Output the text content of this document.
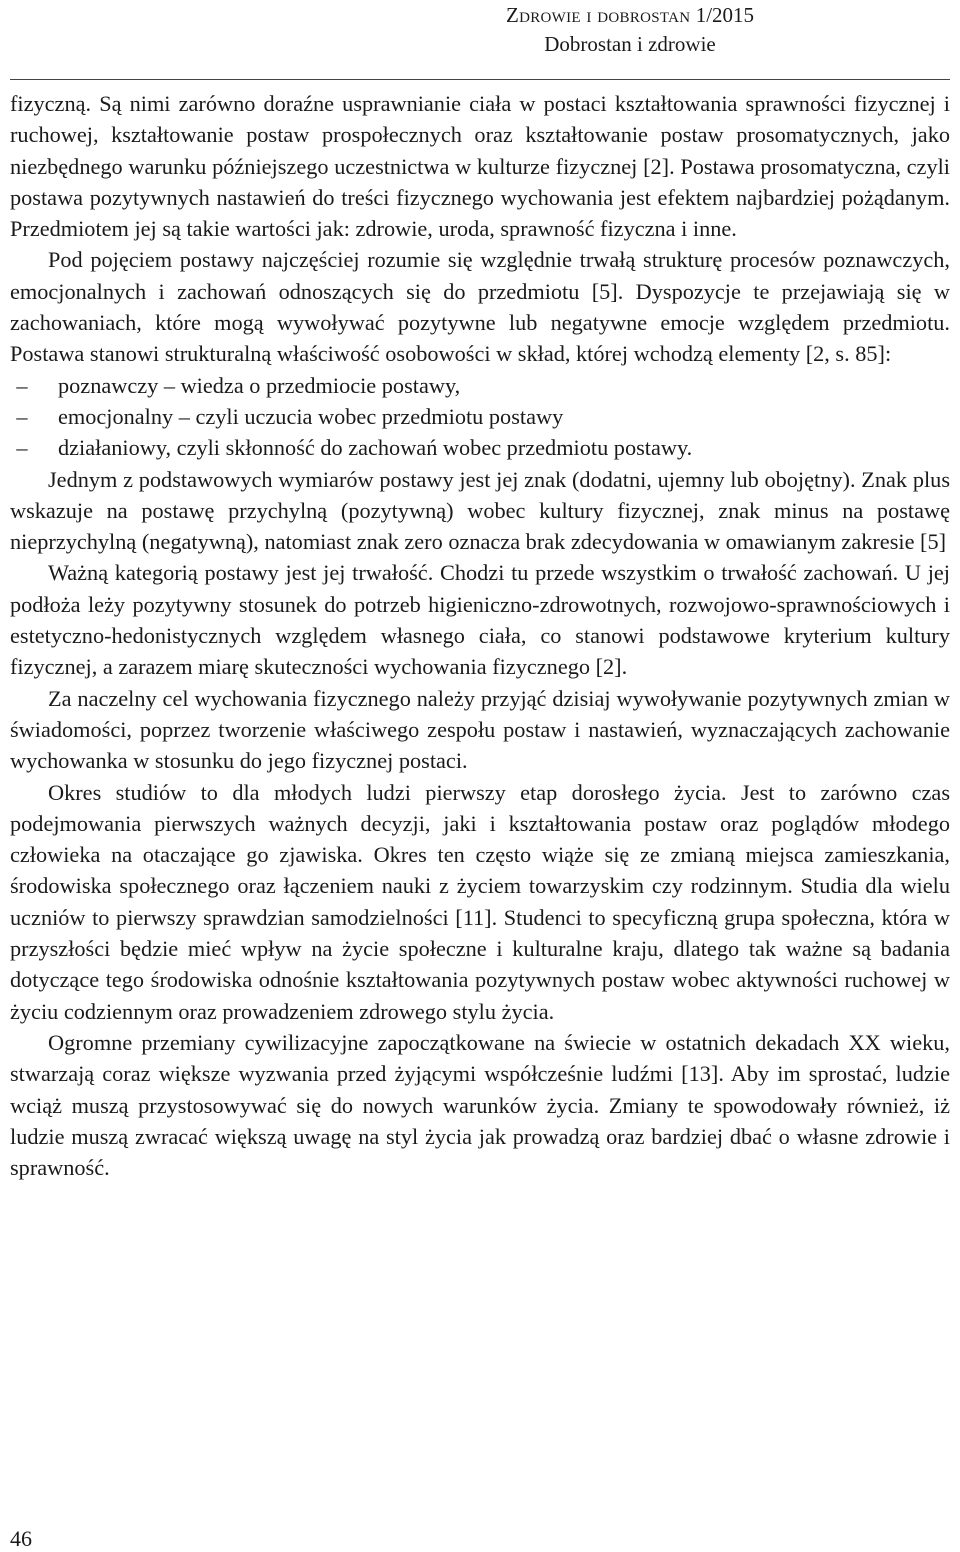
Zdrowie i dobrostan 1/2015
Dobrostan i zdrowie

fizyczną. Są nimi zarówno doraźne usprawnianie ciała w postaci kształtowania sprawności fizycznej i ruchowej, kształtowanie postaw prospołecznych oraz kształtowanie postaw prosomatycznych, jako niezbędnego warunku późniejszego uczestnictwa w kulturze fizycznej [2]. Postawa prosomatyczna, czyli postawa pozytywnych nastawień do treści fizycznego wychowania jest efektem najbardziej pożądanym. Przedmiotem jej są takie wartości jak: zdrowie, uroda, sprawność fizyczna i inne.

Pod pojęciem postawy najczęściej rozumie się względnie trwałą strukturę procesów poznawczych, emocjonalnych i zachowań odnoszących się do przedmiotu [5]. Dyspozycje te przejawiają się w zachowaniach, które mogą wywoływać pozytywne lub negatywne emocje względem przedmiotu. Postawa stanowi strukturalną właściwość osobowości w skład, której wchodzą elementy [2, s. 85]:

– poznawczy – wiedza o przedmiocie postawy,
– emocjonalny – czyli uczucia wobec przedmiotu postawy
– działaniowy, czyli skłonność do zachowań wobec przedmiotu postawy.

Jednym z podstawowych wymiarów postawy jest jej znak (dodatni, ujemny lub obojętny). Znak plus wskazuje na postawę przychylną (pozytywną) wobec kultury fizycznej, znak minus na postawę nieprzychylną (negatywną), natomiast znak zero oznacza brak zdecydowania w omawianym zakresie [5]

Ważną kategorią postawy jest jej trwałość. Chodzi tu przede wszystkim o trwałość zachowań. U jej podłoża leży pozytywny stosunek do potrzeb higieniczno-zdrowotnych, rozwojowo-sprawnościowych i estetyczno-hedonistycznych względem własnego ciała, co stanowi podstawowe kryterium kultury fizycznej, a zarazem miarę skuteczności wychowania fizycznego [2].

Za naczelny cel wychowania fizycznego należy przyjąć dzisiaj wywoływanie pozytywnych zmian w świadomości, poprzez tworzenie właściwego zespołu postaw i nastawień, wyznaczających zachowanie wychowanka w stosunku do jego fizycznej postaci.

Okres studiów to dla młodych ludzi pierwszy etap dorosłego życia. Jest to zarówno czas podejmowania pierwszych ważnych decyzji, jaki i kształtowania postaw oraz poglądów młodego człowieka na otaczające go zjawiska. Okres ten często wiąże się ze zmianą miejsca zamieszkania, środowiska społecznego oraz łączeniem nauki z życiem towarzyskim czy rodzinnym. Studia dla wielu uczniów to pierwszy sprawdzian samodzielności [11]. Studenci to specyficzną grupa społeczna, która w przyszłości będzie mieć wpływ na życie społeczne i kulturalne kraju, dlatego tak ważne są badania dotyczące tego środowiska odnośnie kształtowania pozytywnych postaw wobec aktywności ruchowej w życiu codziennym oraz prowadzeniem zdrowego stylu życia.

Ogromne przemiany cywilizacyjne zapoczątkowane na świecie w ostatnich dekadach XX wieku, stwarzają coraz większe wyzwania przed żyjącymi współcześnie ludźmi [13]. Aby im sprostać, ludzie wciąż muszą przystosowywać się do nowych warunków życia. Zmiany te spowodowały również, iż ludzie muszą zwracać większą uwagę na styl życia jak prowadzą oraz bardziej dbać o własne zdrowie i sprawność.

46
